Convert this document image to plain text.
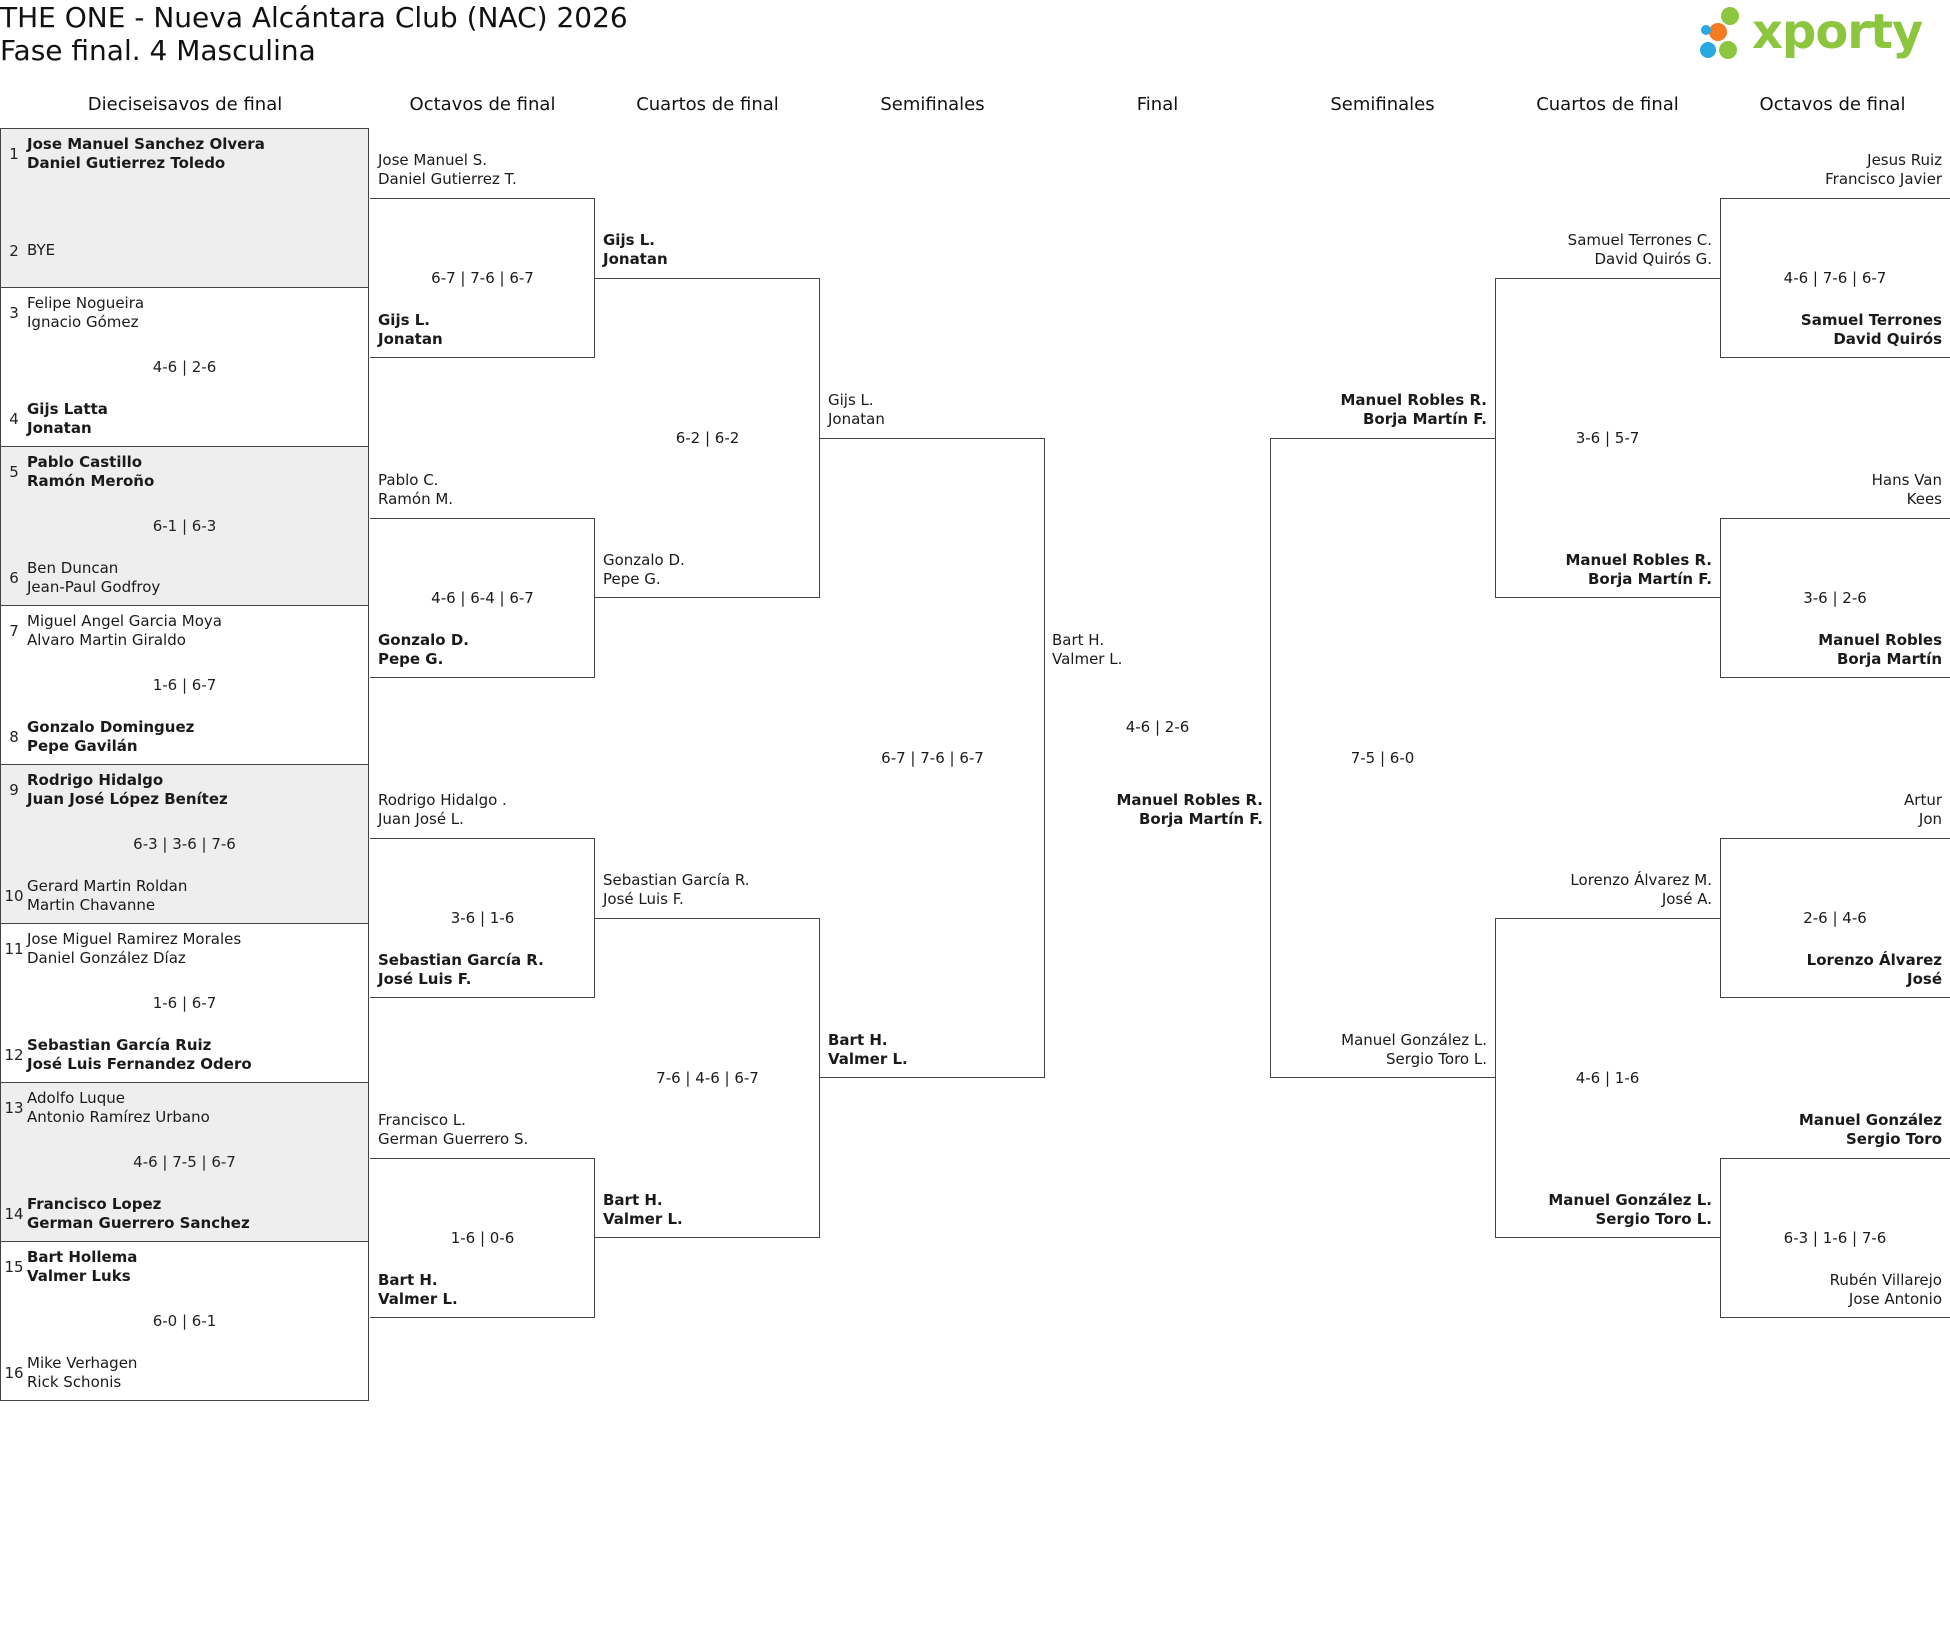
THE ONE - Nueva Alcántara Club (NAC) 2026
Fase final. 4 Masculina	xporty
Dieciseisavos de final	Octavos de final	Cuartos de final	Semifinales	Final	Semifinales	Cuartos de final	Octavos de final
1
Jose Manuel Sanchez Olvera
Daniel Gutierrez Toledo
2 BYE
3
Felipe Nogueira
Ignacio Gómez
4-6 | 2-6
4
Gijs Latta
Jonatan
5
Pablo Castillo
Ramón Meroño
6-1 | 6-3
6
Ben Duncan
Jean-Paul Godfroy
7
Miguel Angel Garcia Moya
Alvaro Martin Giraldo
1-6 | 6-7
8
Gonzalo Dominguez
Pepe Gavilán
9
Rodrigo Hidalgo
Juan José López Benítez
6-3 | 3-6 | 7-6
10
Gerard Martin Roldan
Martin Chavanne
11
Jose Miguel Ramirez Morales
Daniel González Díaz
1-6 | 6-7
12
Sebastian García Ruiz
José Luis Fernandez Odero
13
Adolfo Luque
Antonio Ramírez Urbano
4-6 | 7-5 | 6-7
14
Francisco Lopez
German Guerrero Sanchez
15
Bart Hollema
Valmer Luks
6-0 | 6-1
16
Mike Verhagen
Rick Schonis
Jose Manuel S.
Daniel Gutierrez T.
Gijs L.
Jonatan
6-7 | 7-6 | 6-7
Pablo C.
Ramón M.
Gonzalo D.
Pepe G.
4-6 | 6-4 | 6-7
Rodrigo Hidalgo .
Juan José L.
Sebastian García R.
José Luis F.
3-6 | 1-6
Francisco L.
German Guerrero S.
Bart H.
Valmer L.
1-6 | 0-6
Gijs L.
Jonatan
Gonzalo D.
Pepe G.
6-2 | 6-2
Sebastian García R.
José Luis F.
Bart H.
Valmer L.
7-6 | 4-6 | 6-7
Gijs L.
Jonatan
Bart H.
Valmer L.
6-7 | 7-6 | 6-7
Bart H.
Valmer L.
4-6 | 2-6
Manuel Robles R.
Borja Martín F.
Manuel Robles R.
Borja Martín F.
Manuel González L.
Sergio Toro L.
7-5 | 6-0
Samuel Terrones C.
David Quirós G.
Manuel Robles R.
Borja Martín F.
3-6 | 5-7
Lorenzo Álvarez M.
José A.
Manuel González L.
Sergio Toro L.
4-6 | 1-6
Jesus Ruiz
Francisco Javier
Samuel Terrones
David Quirós
4-6 | 7-6 | 6-7
Hans Van
Kees
Manuel Robles
Borja Martín
3-6 | 2-6
Artur
Jon
Lorenzo Álvarez
José
2-6 | 4-6
Manuel González
Sergio Toro
Rubén Villarejo
Jose Antonio
6-3 | 1-6 | 7-6
